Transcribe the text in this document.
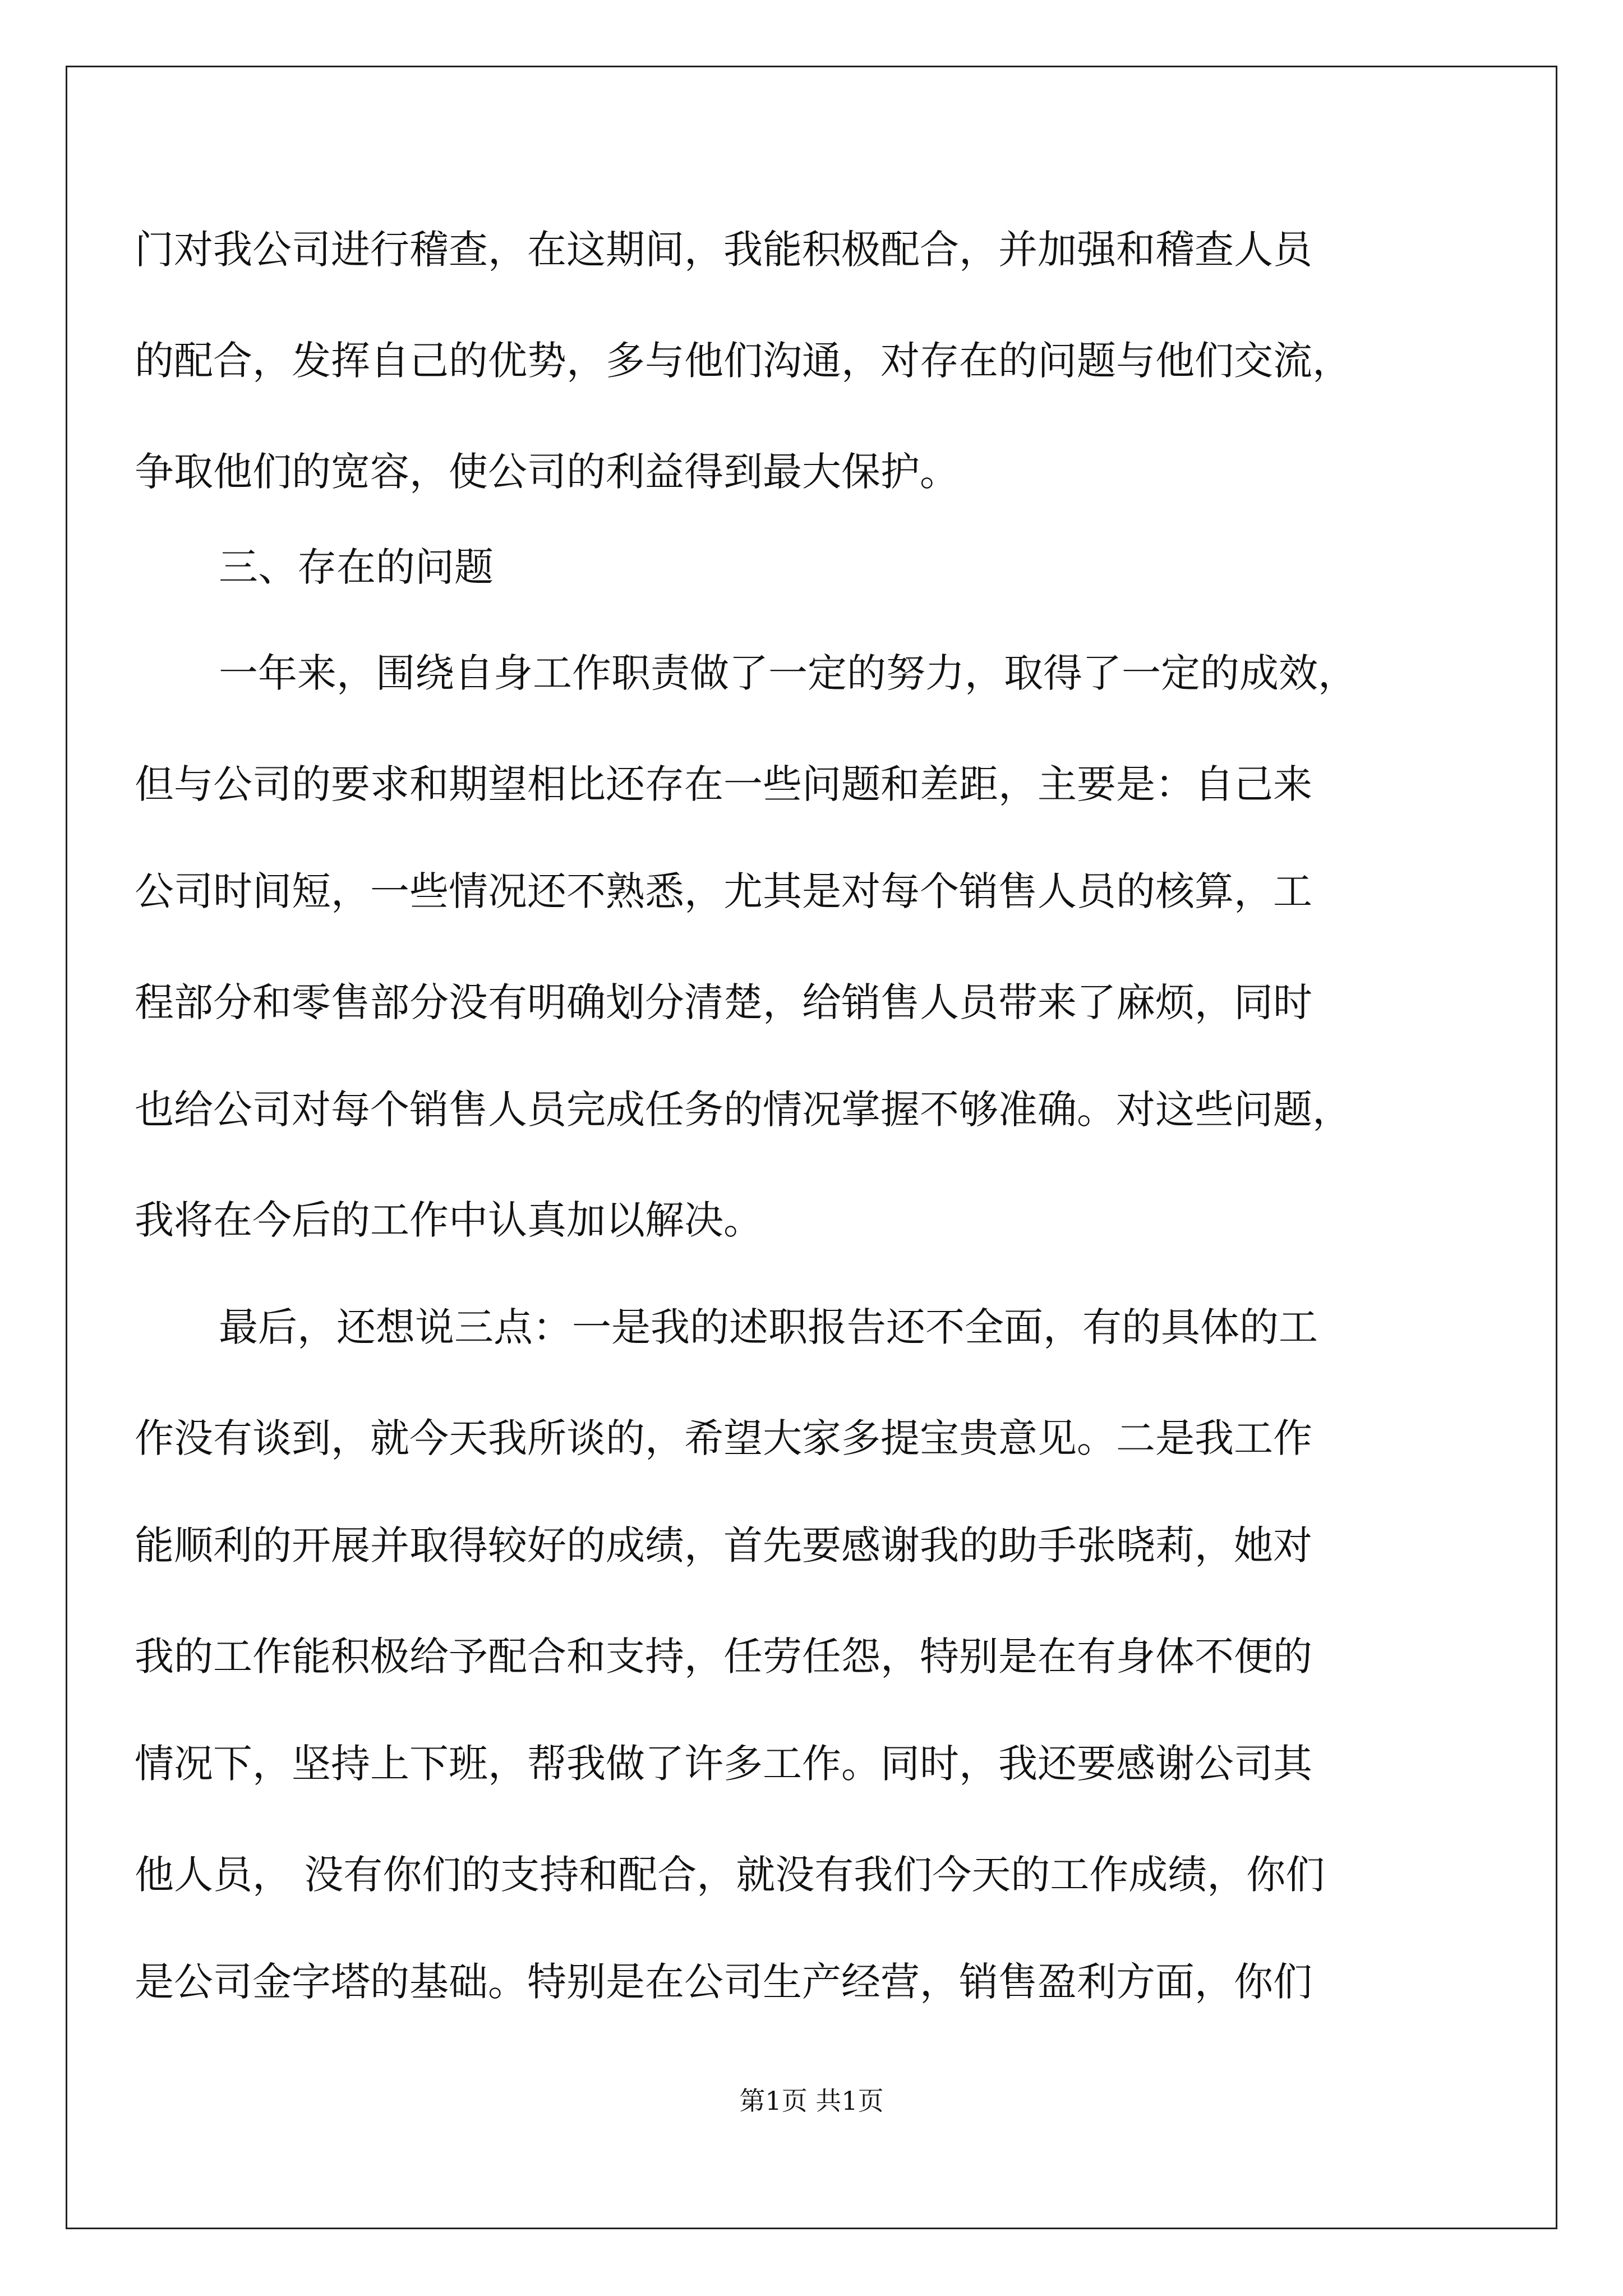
门对我公司进行稽查，在这期间，我能积极配合，并加强和稽查人员
的配合，发挥自己的优势，多与他们沟通，对存在的问题与他们交流，
争取他们的宽容，使公司的利益得到最大保护。
三、存在的问题
一年来，围绕自身工作职责做了一定的努力，取得了一定的成效，
但与公司的要求和期望相比还存在一些问题和差距，主要是：自己来
公司时间短，一些情况还不熟悉，尤其是对每个销售人员的核算，工
程部分和零售部分没有明确划分清楚，给销售人员带来了麻烦，同时
也给公司对每个销售人员完成任务的情况掌握不够准确。对这些问题，
我将在今后的工作中认真加以解决。
最后，还想说三点：一是我的述职报告还不全面，有的具体的工
作没有谈到，就今天我所谈的，希望大家多提宝贵意见。二是我工作
能顺利的开展并取得较好的成绩，首先要感谢我的助手张晓莉，她对
我的工作能积极给予配合和支持，任劳任怨，特别是在有身体不便的
情况下，坚持上下班，帮我做了许多工作。同时，我还要感谢公司其
他人员， 没有你们的支持和配合，就没有我们今天的工作成绩，你们
是公司金字塔的基础。特别是在公司生产经营，销售盈利方面，你们
第1页 共1页
